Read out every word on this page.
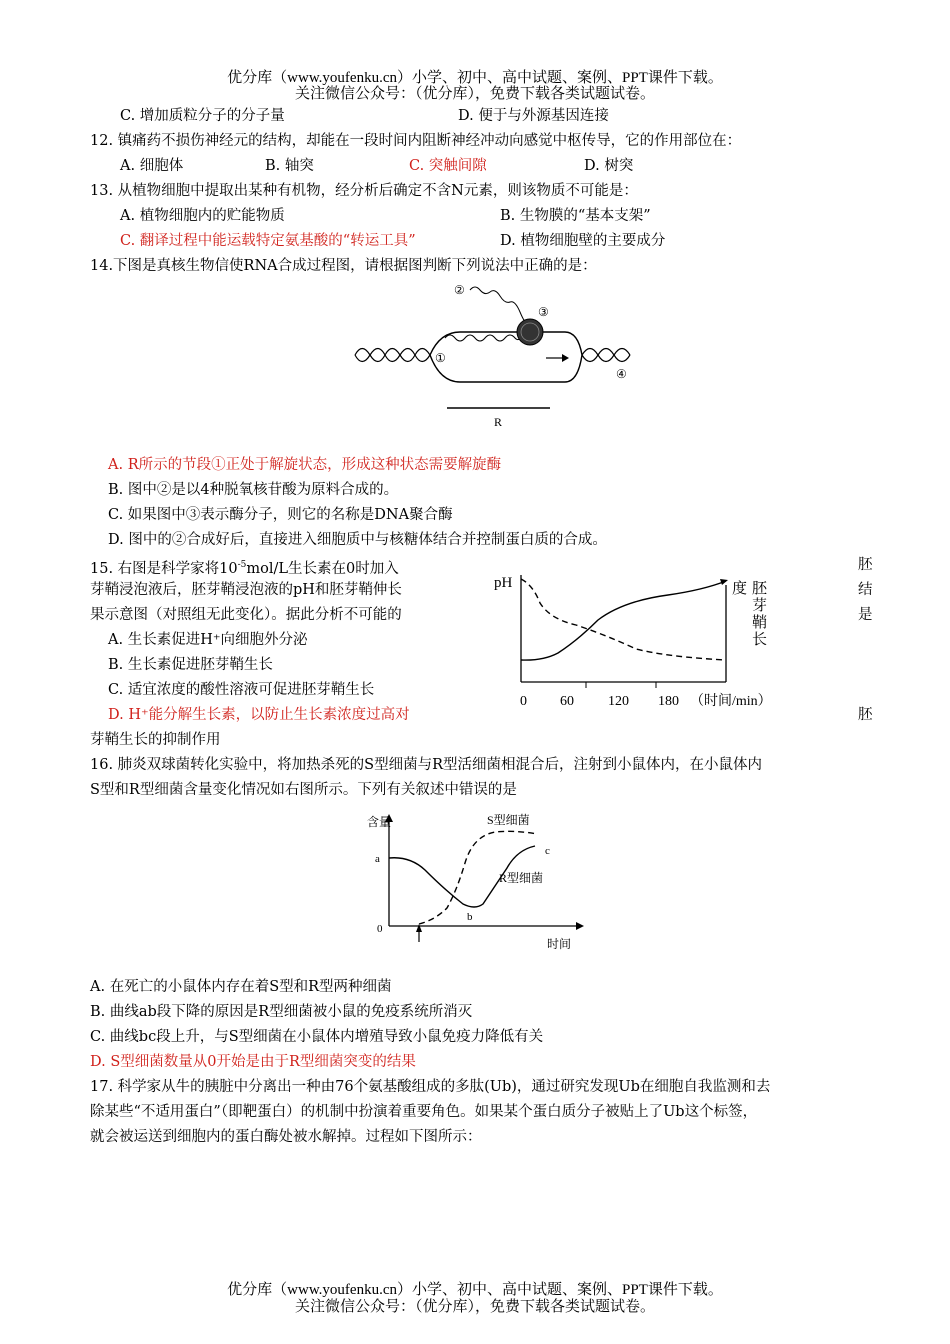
优分库（www.youfenku.cn）小学、初中、高中试题、案例、PPT课件下载。
关注微信公众号：（优分库），免费下载各类试题试卷。
C. 增加质粒分子的分子量	D. 便于与外源基因连接
12. 镇痛药不损伤神经元的结构，却能在一段时间内阻断神经冲动向感觉中枢传导，它的作用部位在：
A. 细胞体	B. 轴突	C. 突触间隙	D. 树突
13. 从植物细胞中提取出某种有机物，经分析后确定不含N元素，则该物质不可能是：
A. 植物细胞内的贮能物质	B. 生物膜的“基本支架”
C. 翻译过程中能运载特定氨基酸的“转运工具”	D. 植物细胞壁的主要成分
14.下图是真核生物信使RNA合成过程图，请根据图判断下列说法中正确的是：
①
②
③
④
R
A. R所示的节段①正处于解旋状态，形成这种状态需要解旋酶
B. 图中②是以4种脱氧核苷酸为原料合成的。
C. 如果图中③表示酶分子，则它的名称是DNA聚合酶
D. 图中的②合成好后，直接进入细胞质中与核糖体结合并控制蛋白质的合成。
15. 右图是科学家将$10^{-5}mol/L$生长素在0时加入	胚
芽鞘浸泡液后，胚芽鞘浸泡液的pH和胚芽鞘伸长	结
果示意图（对照组无此变化）。据此分析不可能的	是
A. 生长素促进H⁺向细胞外分泌
B. 生长素促进胚芽鞘生长
C. 适宜浓度的酸性溶液可促进胚芽鞘生长
D. H⁺能分解生长素，以防止生长素浓度过高对	胚
芽鞘生长的抑制作用
pH	度 胚
芽
鞘
长
0 60 120 180 （时间/min）
16. 肺炎双球菌转化实验中，将加热杀死的S型细菌与R型活细菌相混合后，注射到小鼠体内，在小鼠体内
S型和R型细菌含量变化情况如右图所示。下列有关叙述中错误的是
含量
时间
S型细菌
R型细菌
a
b
c
0
A. 在死亡的小鼠体内存在着S型和R型两种细菌
B. 曲线ab段下降的原因是R型细菌被小鼠的免疫系统所消灭
C. 曲线bc段上升，与S型细菌在小鼠体内增殖导致小鼠免疫力降低有关
D. S型细菌数量从0开始是由于R型细菌突变的结果
17. 科学家从牛的胰脏中分离出一种由76个氨基酸组成的多肽(Ub)，通过研究发现Ub在细胞自我监测和去
除某些“不适用蛋白”（即靶蛋白）的机制中扮演着重要角色。如果某个蛋白质分子被贴上了Ub这个标签，
就会被运送到细胞内的蛋白酶处被水解掉。过程如下图所示：
优分库（www.youfenku.cn）小学、初中、高中试题、案例、PPT课件下载。
关注微信公众号：（优分库），免费下载各类试题试卷。
